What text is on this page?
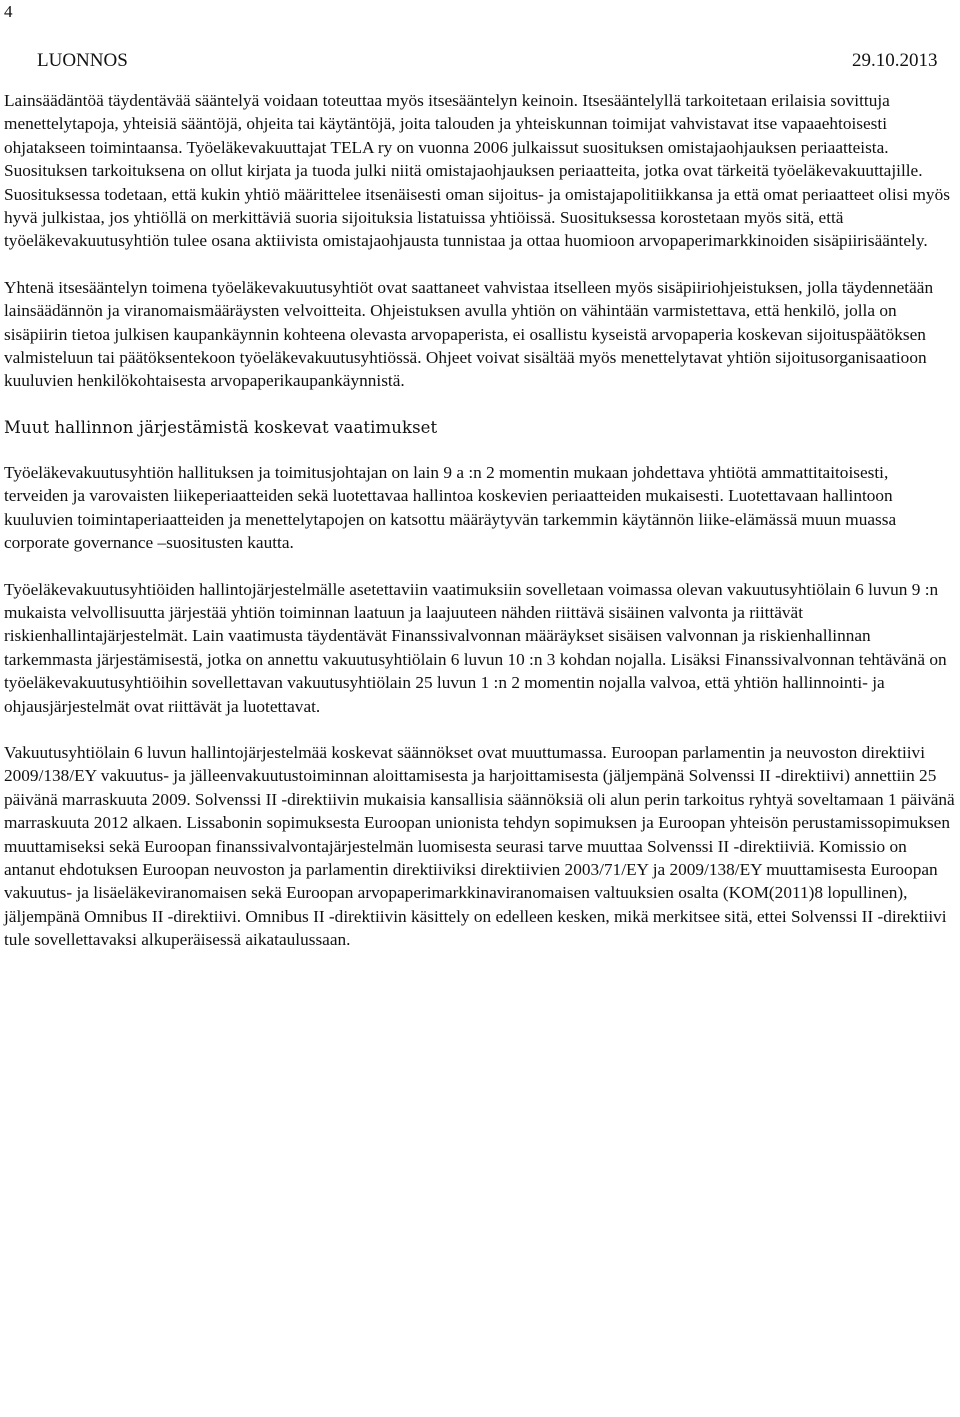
4
LUONNOS	29.10.2013

Lainsäädäntöä täydentävää sääntelyä voidaan toteuttaa myös itsesääntelyn keinoin. Itsesääntelyllä tarkoitetaan erilaisia sovittuja menettelytapoja, yhteisiä sääntöjä, ohjeita tai käytäntöjä, joita talouden ja yhteiskunnan toimijat vahvistavat itse vapaaehtoisesti ohjatakseen toimintaansa. Työeläkevakuuttajat TELA ry on vuonna 2006 julkaissut suosituksen omistajaohjauksen periaatteista. Suosituksen tarkoituksena on ollut kirjata ja tuoda julki niitä omistajaohjauksen periaatteita, jotka ovat tärkeitä työeläkevakuuttajille. Suosituksessa todetaan, että kukin yhtiö määrittelee itsenäisesti oman sijoitus- ja omistajapolitiikkansa ja että omat periaatteet olisi myös hyvä julkistaa, jos yhtiöllä on merkittäviä suoria sijoituksia listatuissa yhtiöissä. Suosituksessa korostetaan myös sitä, että työeläkevakuutusyhtiön tulee osana aktiivista omistajaohjausta tunnistaa ja ottaa huomioon arvopaperimarkkinoiden sisäpiirisääntely.

Yhtenä itsesääntelyn toimena työeläkevakuutusyhtiöt ovat saattaneet vahvistaa itselleen myös sisäpiiriohjeistuksen, jolla täydennetään lainsäädännön ja viranomaismääräysten velvoitteita. Ohjeistuksen avulla yhtiön on vähintään varmistettava, että henkilö, jolla on sisäpiirin tietoa julkisen kaupankäynnin kohteena olevasta arvopaperista, ei osallistu kyseistä arvopaperia koskevan sijoituspäätöksen valmisteluun tai päätöksentekoon työeläkevakuutusyhtiössä. Ohjeet voivat sisältää myös menettelytavat yhtiön sijoitusorganisaatioon kuuluvien henkilökohtaisesta arvopaperikaupankäynnistä.

Muut hallinnon järjestämistä koskevat vaatimukset

Työeläkevakuutusyhtiön hallituksen ja toimitusjohtajan on lain 9 a :n 2 momentin mukaan johdettava yhtiötä ammattitaitoisesti, terveiden ja varovaisten liikeperiaatteiden sekä luotettavaa hallintoa koskevien periaatteiden mukaisesti. Luotettavaan hallintoon kuuluvien toimintaperiaatteiden ja menettelytapojen on katsottu määräytyvän tarkemmin käytännön liike-elämässä muun muassa corporate governance –suositusten kautta.

Työeläkevakuutusyhtiöiden hallintojärjestelmälle asetettaviin vaatimuksiin sovelletaan voimassa olevan vakuutusyhtiölain 6 luvun 9 :n mukaista velvollisuutta järjestää yhtiön toiminnan laatuun ja laajuuteen nähden riittävä sisäinen valvonta ja riittävät riskienhallintajärjestelmät. Lain vaatimusta täydentävät Finanssivalvonnan määräykset sisäisen valvonnan ja riskienhallinnan tarkemmasta järjestämisestä, jotka on annettu vakuutusyhtiölain 6 luvun 10 :n 3 kohdan nojalla. Lisäksi Finanssivalvonnan tehtävänä on työeläkevakuutusyhtiöihin sovellettavan vakuutusyhtiölain 25 luvun 1 :n 2 momentin nojalla valvoa, että yhtiön hallinnointi- ja ohjausjärjestelmät ovat riittävät ja luotettavat.

Vakuutusyhtiölain 6 luvun hallintojärjestelmää koskevat säännökset ovat muuttumassa. Euroopan parlamentin ja neuvoston direktiivi 2009/138/EY vakuutus- ja jälleenvakuutustoiminnan aloittamisesta ja harjoittamisesta (jäljempänä Solvenssi II -direktiivi) annettiin 25 päivänä marraskuuta 2009. Solvenssi II -direktiivin mukaisia kansallisia säännöksiä oli alun perin tarkoitus ryhtyä soveltamaan 1 päivänä marraskuuta 2012 alkaen. Lissabonin sopimuksesta Euroopan unionista tehdyn sopimuksen ja Euroopan yhteisön perustamissopimuksen muuttamiseksi sekä Euroopan finanssivalvontajärjestelmän luomisesta seurasi tarve muuttaa Solvenssi II -direktiiviä. Komissio on antanut ehdotuksen Euroopan neuvoston ja parlamentin direktiiviksi direktiivien 2003/71/EY ja 2009/138/EY muuttamisesta Euroopan vakuutus- ja lisäeläkeviranomaisen sekä Euroopan arvopaperimarkkinaviranomaisen valtuuksien osalta (KOM(2011)8 lopullinen), jäljempänä Omnibus II -direktiivi. Omnibus II -direktiivin käsittely on edelleen kesken, mikä merkitsee sitä, ettei Solvenssi II -direktiivi tule sovellettavaksi alkuperäisessä aikataulussaan.
